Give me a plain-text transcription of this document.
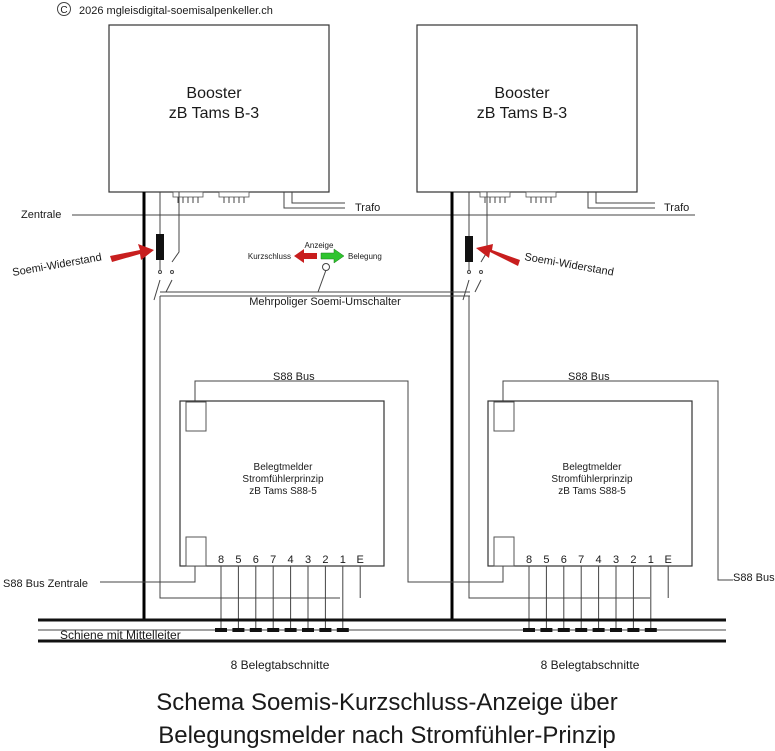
C 2026 mgleisdigital-soemisalpenkeller.ch
Booster
zB Tams B-3
Trafo
Zentrale
Soemi-Widerstand
Booster
zB Tams B-3
Trafo
Soemi-Widerstand
Mehrpoliger Soemi-Umschalter
Anzeige
Kurzschluss	Belegung
S88 Bus	S88 Bus
S88 Bus
S88 Bus Zentrale
Belegtmelder
Stromfühlerprinzip
zB Tams S88-5
8 5 6 7 4 3 2 1 E
Belegtmelder
Stromfühlerprinzip
zB Tams S88-5
8 5 6 7 4 3 2 1 E
Schiene mit Mittelleiter
8 Belegtabschnitte	8 Belegtabschnitte
Schema Soemis-Kurzschluss-Anzeige über
Belegungsmelder nach Stromfühler-Prinzip
